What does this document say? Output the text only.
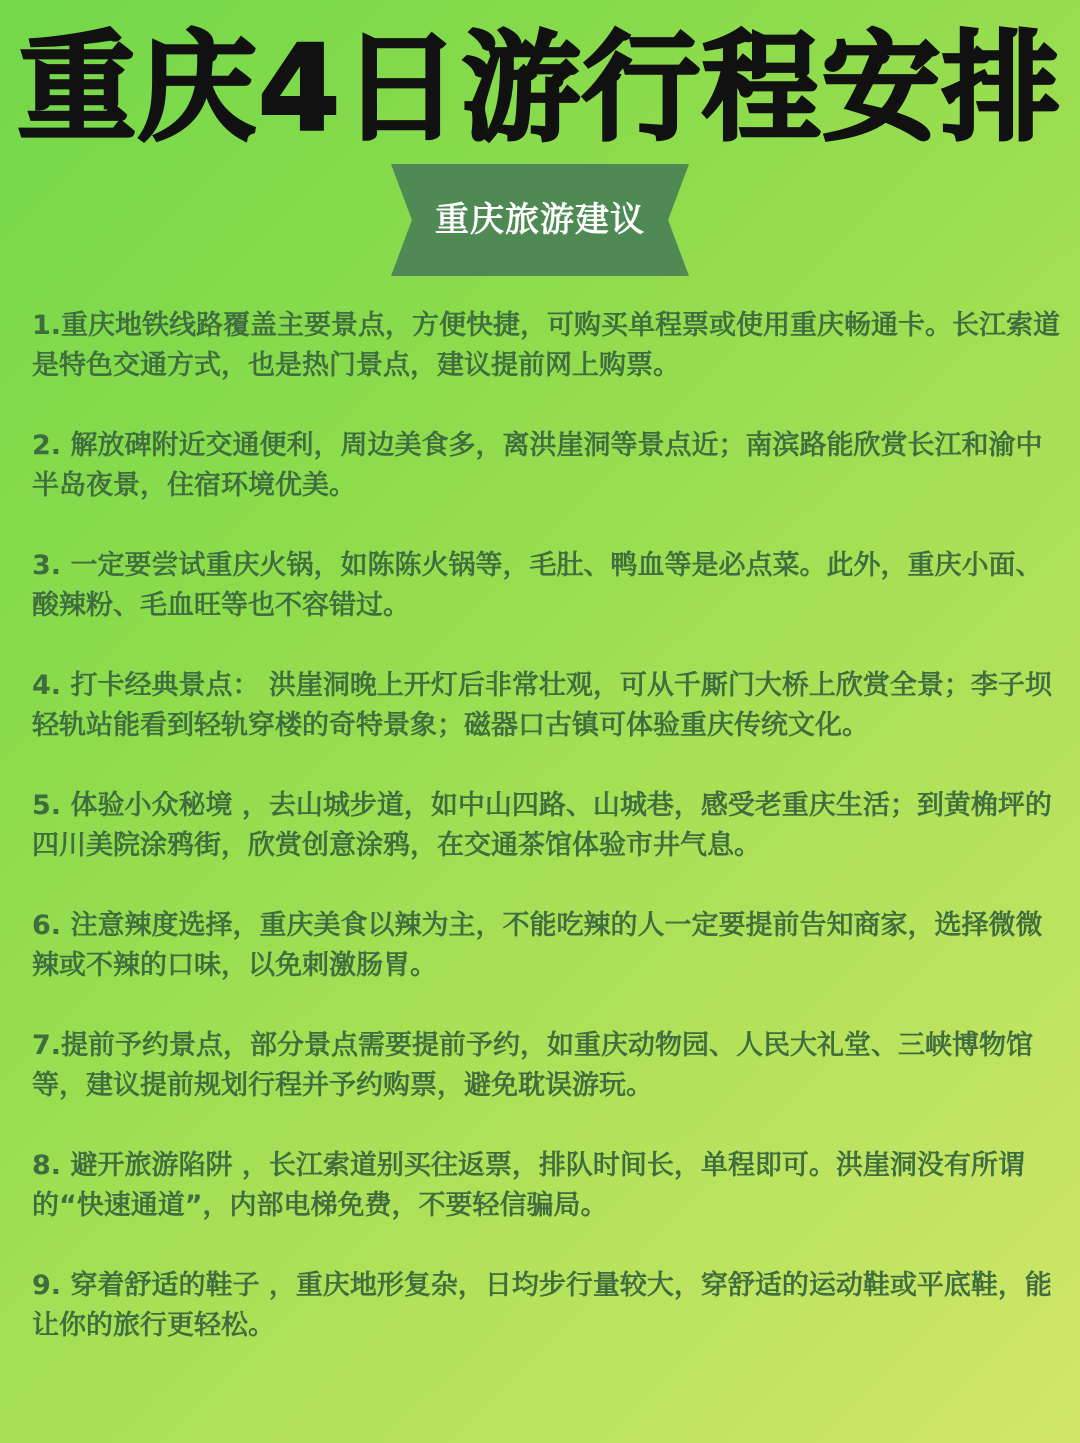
重庆4日游行程安排
重庆旅游建议
1.重庆地铁线路覆盖主要景点，方便快捷，可购买单程票或使用重庆畅通卡。长江索道是特色交通方式，也是热门景点，建议提前网上购票。
2. 解放碑附近交通便利，周边美食多，离洪崖洞等景点近；南滨路能欣赏长江和渝中半岛夜景，住宿环境优美。
3. 一定要尝试重庆火锅，如陈陈火锅等，毛肚、鸭血等是必点菜。此外，重庆小面、酸辣粉、毛血旺等也不容错过。
4. 打卡经典景点： 洪崖洞晚上开灯后非常壮观，可从千厮门大桥上欣赏全景；李子坝轻轨站能看到轻轨穿楼的奇特景象；磁器口古镇可体验重庆传统文化。
5. 体验小众秘境 ，去山城步道，如中山四路、山城巷，感受老重庆生活；到黄桷坪的四川美院涂鸦街，欣赏创意涂鸦，在交通茶馆体验市井气息。
6. 注意辣度选择，重庆美食以辣为主，不能吃辣的人一定要提前告知商家，选择微微辣或不辣的口味，以免刺激肠胃。
7.提前予约景点，部分景点需要提前予约，如重庆动物园、人民大礼堂、三峡博物馆等，建议提前规划行程并予约购票，避免耽误游玩。
8. 避开旅游陷阱 ，长江索道别买往返票，排队时间长，单程即可。洪崖洞没有所谓的“快速通道”，内部电梯免费，不要轻信骗局。
9. 穿着舒适的鞋子 ，重庆地形复杂，日均步行量较大，穿舒适的运动鞋或平底鞋，能让你的旅行更轻松。
